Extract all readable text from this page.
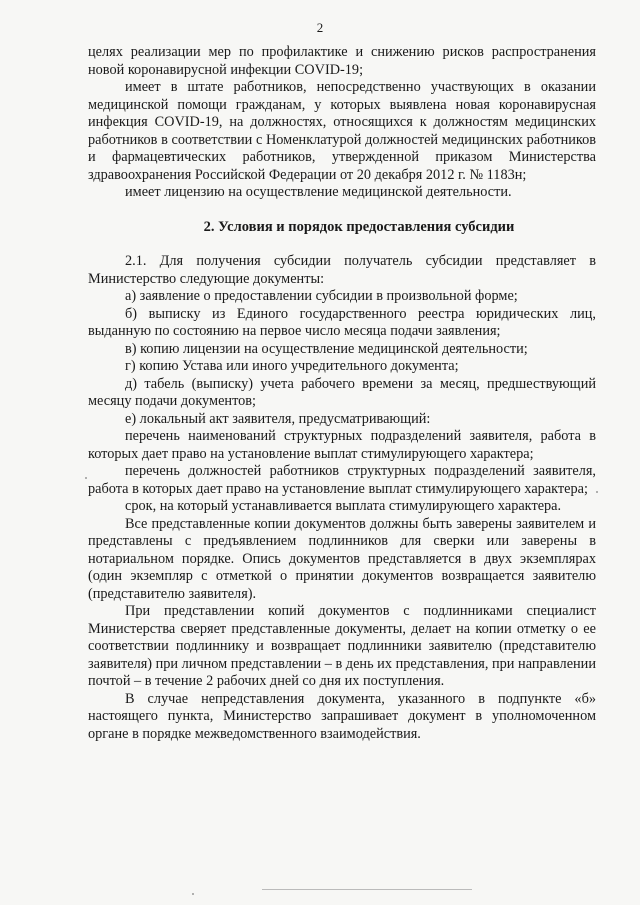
2

целях реализации мер по профилактике и снижению рисков распространения новой коронавирусной инфекции COVID-19;

имеет в штате работников, непосредственно участвующих в оказании медицинской помощи гражданам, у которых выявлена новая коронавирусная инфекция COVID-19, на должностях, относящихся к должностям медицинских работников в соответствии с Номенклатурой должностей медицинских работников и фармацевтических работников, утвержденной приказом Министерства здравоохранения Российской Федерации от 20 декабря 2012 г. № 1183н;

имеет лицензию на осуществление медицинской деятельности.

2. Условия и порядок предоставления субсидии

2.1. Для получения субсидии получатель субсидии представляет в Министерство следующие документы:

а) заявление о предоставлении субсидии в произвольной форме;

б) выписку из Единого государственного реестра юридических лиц, выданную по состоянию на первое число месяца подачи заявления;

в) копию лицензии на осуществление медицинской деятельности;

г) копию Устава или иного учредительного документа;

д) табель (выписку) учета рабочего времени за месяц, предшествующий месяцу подачи документов;

е) локальный акт заявителя, предусматривающий:

перечень наименований структурных подразделений заявителя, работа в которых дает право на установление выплат стимулирующего характера;

перечень должностей работников структурных подразделений заявителя, работа в которых дает право на установление выплат стимулирующего характера;

срок, на который устанавливается выплата стимулирующего характера.

Все представленные копии документов должны быть заверены заявителем и представлены с предъявлением подлинников для сверки или заверены в нотариальном порядке. Опись документов представляется в двух экземплярах (один экземпляр с отметкой о принятии документов возвращается заявителю (представителю заявителя).

При представлении копий документов с подлинниками специалист Министерства сверяет представленные документы, делает на копии отметку о ее соответствии подлиннику и возвращает подлинники заявителю (представителю заявителя) при личном представлении – в день их представления, при направлении почтой – в течение 2 рабочих дней со дня их поступления.

В случае непредставления документа, указанного в подпункте «б» настоящего пункта, Министерство запрашивает документ в уполномоченном органе в порядке межведомственного взаимодействия.
